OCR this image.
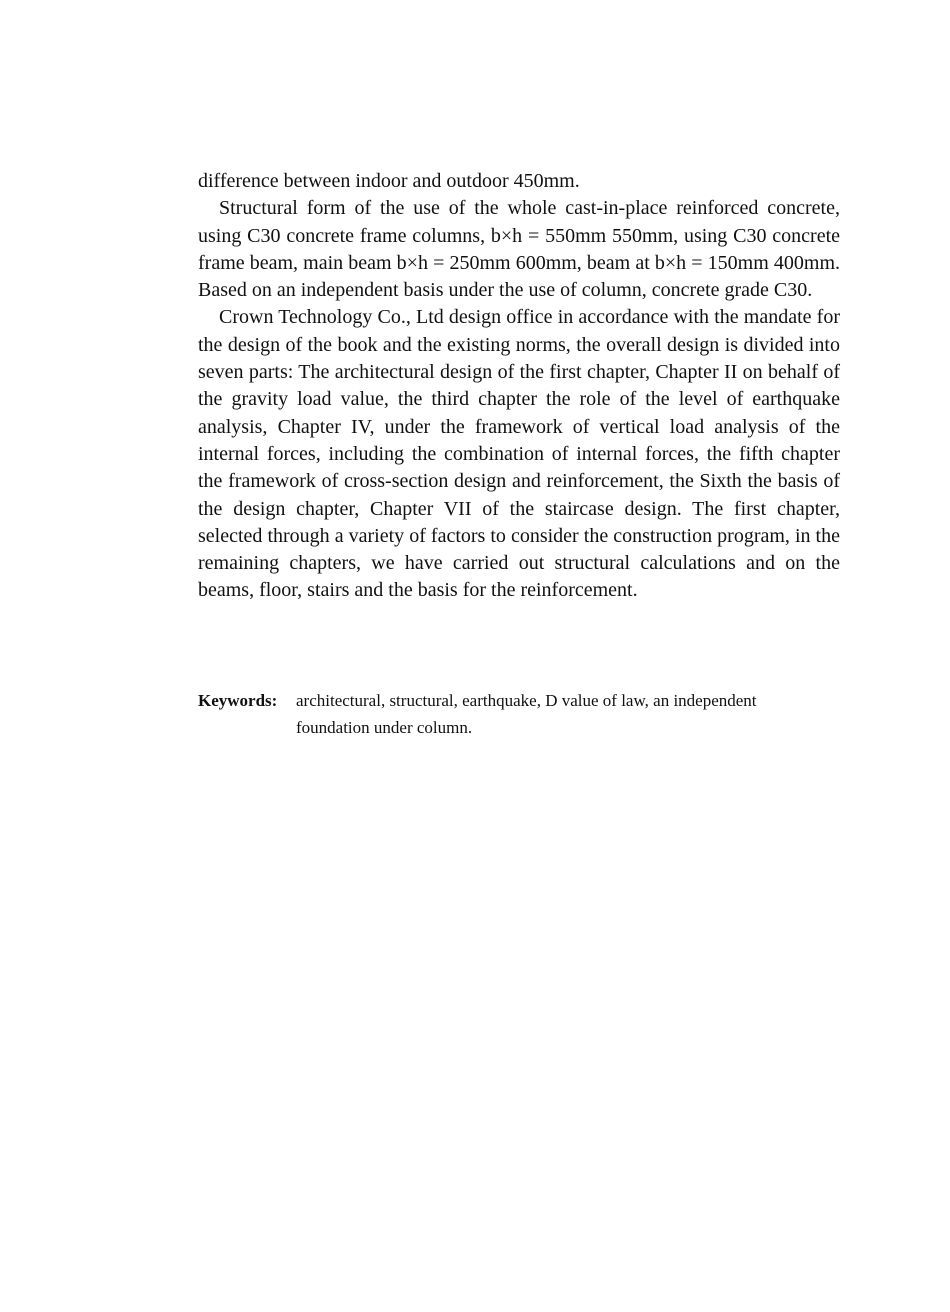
difference between indoor and outdoor 450mm.

Structural form of the use of the whole cast-in-place reinforced concrete, using C30 concrete frame columns, b×h = 550mm 550mm, using C30 concrete frame beam, main beam b×h = 250mm 600mm, beam at b×h = 150mm 400mm. Based on an independent basis under the use of column, concrete grade C30.

Crown Technology Co., Ltd design office in accordance with the mandate for the design of the book and the existing norms, the overall design is divided into seven parts: The architectural design of the first chapter, Chapter II on behalf of the gravity load value, the third chapter the role of the level of earthquake analysis, Chapter IV, under the framework of vertical load analysis of the internal forces, including the combination of internal forces, the fifth chapter the framework of cross-section design and reinforcement, the Sixth the basis of the design chapter, Chapter VII of the staircase design. The first chapter, selected through a variety of factors to consider the construction program, in the remaining chapters, we have carried out structural calculations and on the beams, floor, stairs and the basis for the reinforcement.

Keywords:	architectural, structural, earthquake, D value of law, an independent foundation under column.
